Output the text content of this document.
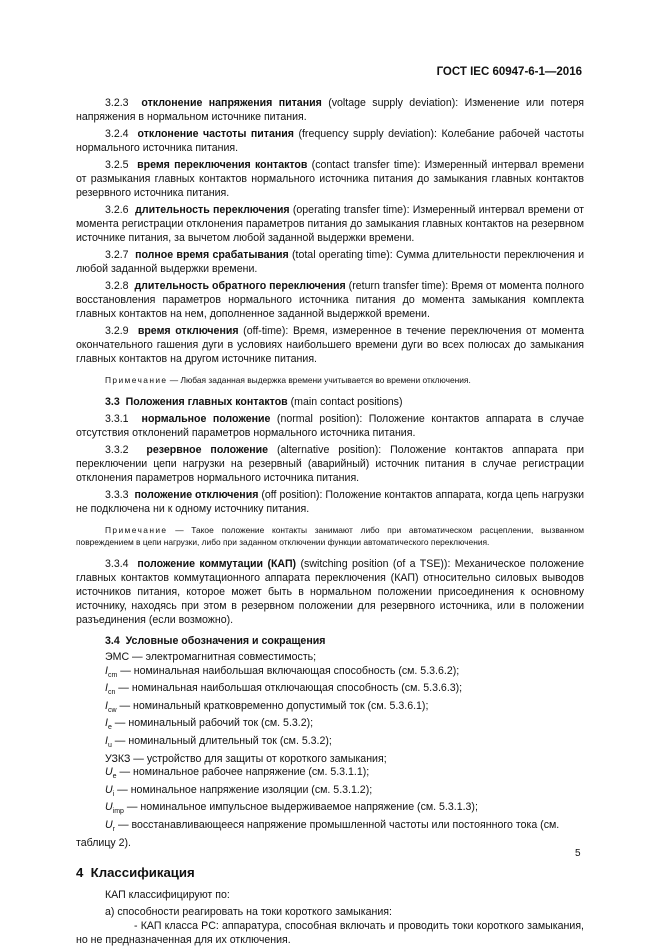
ГОСТ IEC 60947-6-1—2016

3.2.3 отклонение напряжения питания (voltage supply deviation): Изменение или потеря напряжения в нормальном источнике питания.

3.2.4 отклонение частоты питания (frequency supply deviation): Колебание рабочей частоты нормального источника питания.

3.2.5 время переключения контактов (contact transfer time): Измеренный интервал времени от размыкания главных контактов нормального источника питания до замыкания главных контактов резервного источника питания.

3.2.6 длительность переключения (operating transfer time): Измеренный интервал времени от момента регистрации отклонения параметров питания до замыкания главных контактов на резервном источнике питания, за вычетом любой заданной выдержки времени.

3.2.7 полное время срабатывания (total operating time): Сумма длительности переключения и любой заданной выдержки времени.

3.2.8 длительность обратного переключения (return transfer time): Время от момента полного восстановления параметров нормального источника питания до момента замыкания комплекта главных контактов на нем, дополненное заданной выдержкой времени.

3.2.9 время отключения (off-time): Время, измеренное в течение переключения от момента окончательного гашения дуги в условиях наибольшего времени дуги во всех полюсах до замыкания главных контактов на другом источнике питания.

Примечание — Любая заданная выдержка времени учитывается во времени отключения.
3.3 Положения главных контактов (main contact positions)

3.3.1 нормальное положение (normal position): Положение контактов аппарата в случае отсутствия отклонений параметров нормального источника питания.

3.3.2 резервное положение (alternative position): Положение контактов аппарата при переключении цепи нагрузки на резервный (аварийный) источник питания в случае регистрации отклонения параметров нормального источника питания.

3.3.3 положение отключения (off position): Положение контактов аппарата, когда цепь нагрузки не подключена ни к одному источнику питания.

Примечание — Такое положение контакты занимают либо при автоматическом расцеплении, вызванном повреждением в цепи нагрузки, либо при заданном отключении функции автоматического переключения.

3.3.4 положение коммутации (КАП) (switching position (of a TSE)): Механическое положение главных контактов коммутационного аппарата переключения (КАП) относительно силовых выводов источников питания, которое может быть в нормальном положении присоединения к основному источнику, находясь при этом в резервном положении для резервного источника, или в положении разъединения (если возможно).

3.4 Условные обозначения и сокращения

ЭМС — электромагнитная совместимость;

$I_{cm}$ — номинальная наибольшая включающая способность (см. 5.3.6.2);

$I_{cn}$ — номинальная наибольшая отключающая способность (см. 5.3.6.3);

$I_{cw}$ — номинальный кратковременно допустимый ток (см. 5.3.6.1);

$I_e$ — номинальный рабочий ток (см. 5.3.2);

$I_u$ — номинальный длительный ток (см. 5.3.2);

УЗКЗ — устройство для защиты от короткого замыкания;

$U_e$ — номинальное рабочее напряжение (см. 5.3.1.1);

$U_i$ — номинальное напряжение изоляции (см. 5.3.1.2);

$U_{imp}$ — номинальное импульсное выдерживаемое напряжение (см. 5.3.1.3);

$U_r$ — восстанавливающееся напряжение промышленной частоты или постоянного тока (см. таблицу 2).

4 Классификация

КАП классифицируют по:

а) способности реагировать на токи короткого замыкания:

- КАП класса PC: аппаратура, способная включать и проводить токи короткого замыкания, но не предназначенная для их отключения.

5
